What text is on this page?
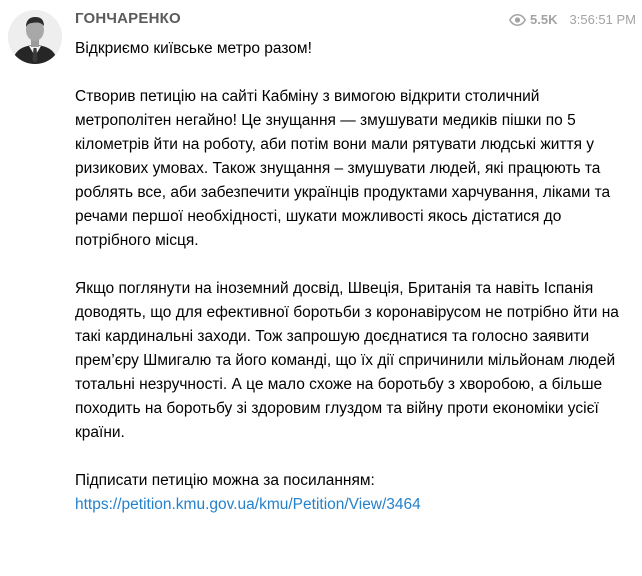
ГОНЧАРЕНКО	5.5K 3:56:51 PM

Відкриємо київське метро разом!

Створив петицію на сайті Кабміну з вимогою відкрити столичний метрополітен негайно! Це знущання — змушувати медиків пішки по 5 кілометрів йти на роботу, аби потім вони мали рятувати людські життя у ризикових умовах. Також знущання – змушувати людей, які працюють та роблять все, аби забезпечити українців продуктами харчування, ліками та речами першої необхідності, шукати можливості якось дістатися до потрібного місця.

Якщо поглянути на іноземний досвід, Швеція, Британія та навіть Іспанія доводять, що для ефективної боротьби з коронавірусом не потрібно йти на такі кардинальні заходи. Тож запрошую доєднатися та голосно заявити прем’єру Шмигалю та його команді, що їх дії спричинили мільйонам людей тотальні незручності. А це мало схоже на боротьбу з хворобою, а більше походить на боротьбу зі здоровим глуздом та війну проти економіки усієї країни.

Підписати петицію можна за посиланням:

https://petition.kmu.gov.ua/kmu/Petition/View/3464
